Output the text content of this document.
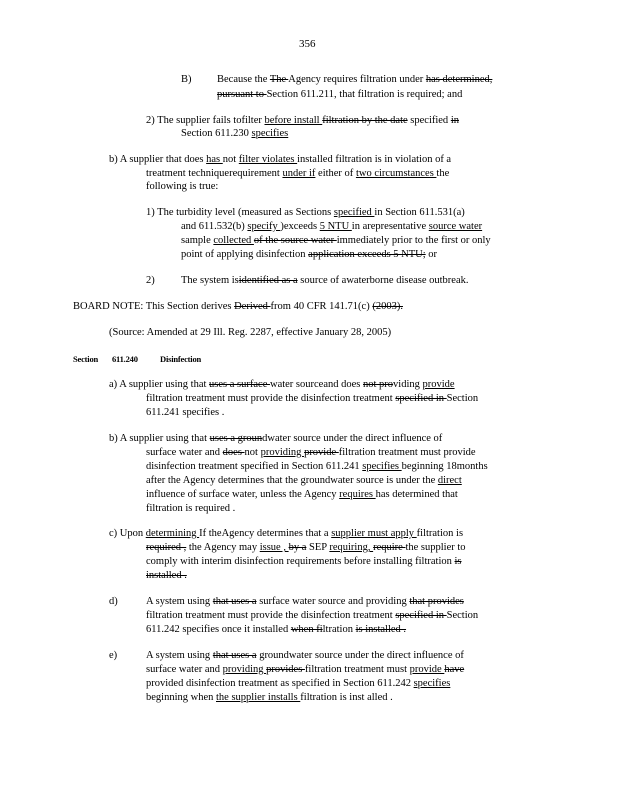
356
B) Because the The Agency requires filtration under has determined,
pursuant to Section 611.211, that filtration is required; and
2) The supplier fails tofilter before install filtration by the date specified in
Section 611.230 specifies
b) A supplier that does has not filter violates installed filtration is in violation of a
treatment techniquerequirement under if either of two circumstances the
following is true:
1) The turbidity level (measured as Sections specified in Section 611.531(a)
and 611.532(b) specify )exceeds 5 NTU in arepresentative source water
sample collected of the source water immediately prior to the first or only
point of applying disinfection application exceeds 5 NTU; or
2)	The system isidentified as a source of awaterborne disease outbreak.
BOARD NOTE: This Section derives Derived from 40 CFR 141.71(c) (2003).
(Source: Amended at 29 Ill. Reg. 2287, effective January 28, 2005)
Section 611.240	Disinfection
a) A supplier using that uses a surface water sourceand does not providing provide
filtration treatment must provide the disinfection treatment specified in Section
611.241 specifies .
b) A supplier using that uses a groundwater source under the direct influence of
surface water and does not providing provide filtration treatment must provide
disinfection treatment specified in Section 611.241 specifies beginning 18months
after the Agency determines that the groundwater source is under the direct
influence of surface water, unless the Agency requires has determined that
filtration is required .
c) Upon determining If theAgency determines that a supplier must apply filtration is
required , the Agency may issue , by a SEP requiring, require the supplier to
comply with interim disinfection requirements before installing filtration is
installed .
d)	A system using that uses a surface water source and providing that provides
filtration treatment must provide the disinfection treatment specified in Section
611.242 specifies once it installed when filtration is installed .
e)	A system using that uses a groundwater source under the direct influence of
surface water and providing provides filtration treatment must provide have
provided disinfection treatment as specified in Section 611.242 specifies
beginning when the supplier installs filtration is inst alled .
